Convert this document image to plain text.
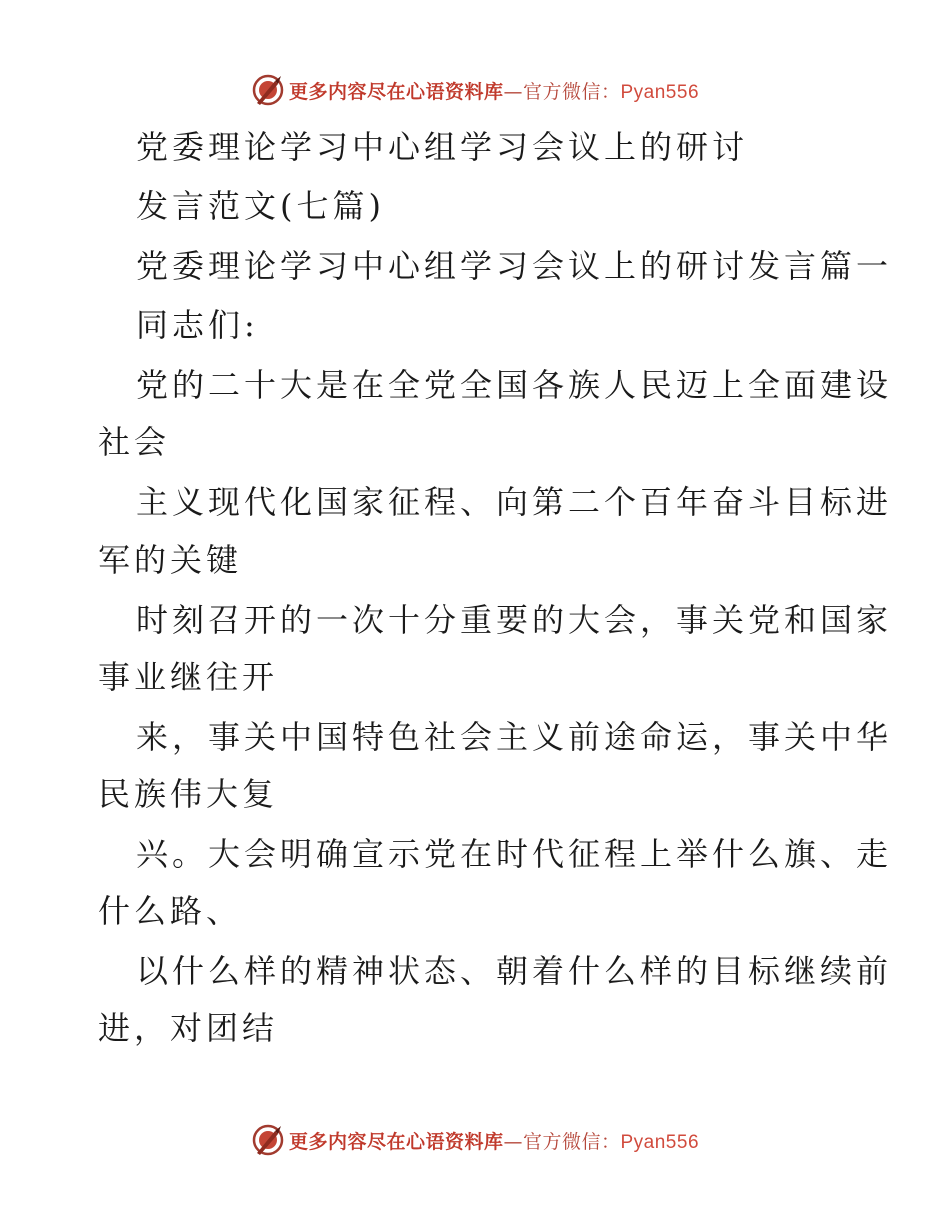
更多内容尽在心语资料库—官方微信：Pyan556
党委理论学习中心组学习会议上的研讨
发言范文(七篇)
党委理论学习中心组学习会议上的研讨发言篇一
同志们:
党的二十大是在全党全国各族人民迈上全面建设
社会
主义现代化国家征程、向第二个百年奋斗目标进
军的关键
时刻召开的一次十分重要的大会，事关党和国家
事业继往开
来，事关中国特色社会主义前途命运，事关中华
民族伟大复
兴。大会明确宣示党在时代征程上举什么旗、走
什么路、
以什么样的精神状态、朝着什么样的目标继续前
进，对团结
更多内容尽在心语资料库—官方微信：Pyan556
